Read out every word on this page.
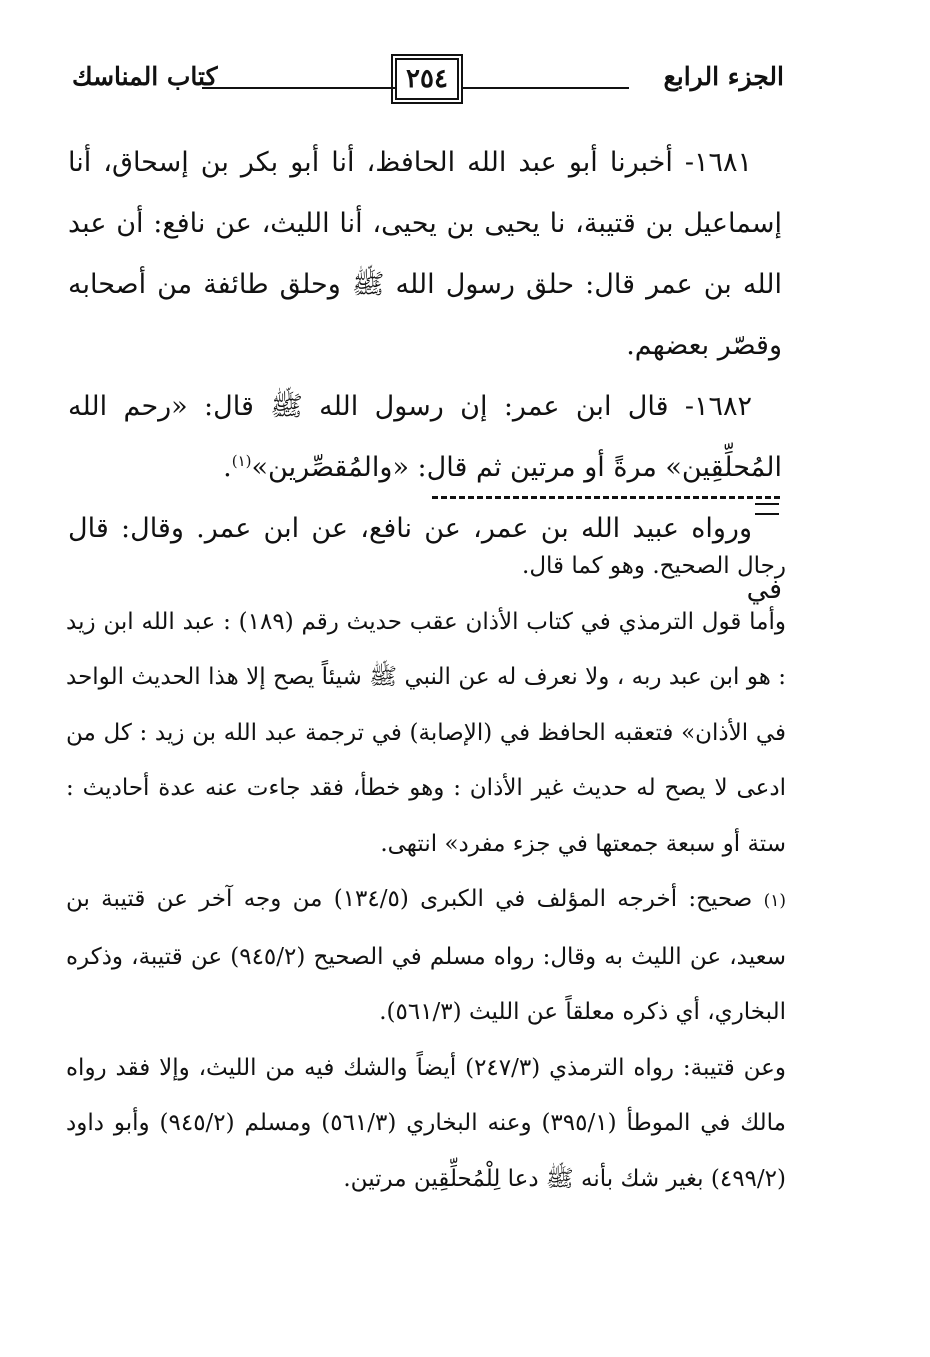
الجزء الرابع
٢٥٤
كتاب المناسك

١٦٨١- أخبرنا أبو عبد الله الحافظ، أنا أبو بكر بن إسحاق، أنا إسماعيل بن قتيبة، نا يحيى بن يحيى، أنا الليث، عن نافع: أن عبد الله بن عمر قال: حلق رسول الله ﷺ وحلق طائفة من أصحابه وقصّر بعضهم.

١٦٨٢- قال ابن عمر: إن رسول الله ﷺ قال: «رحم الله المُحلِّقِين» مرةً أو مرتين ثم قال: «والمُقصِّرين»$^{(١)}$.

ورواه عبيد الله بن عمر، عن نافع، عن ابن عمر. وقال: قال في

رجال الصحيح. وهو كما قال.

وأما قول الترمذي في كتاب الأذان عقب حديث رقم (١٨٩) : عبد الله ابن زيد : هو ابن عبد ربه ، ولا نعرف له عن النبي ﷺ شيئاً يصح إلا هذا الحديث الواحد في الأذان» فتعقبه الحافظ في (الإصابة) في ترجمة عبد الله بن زيد : كل من ادعى لا يصح له حديث غير الأذان : وهو خطأ، فقد جاءت عنه عدة أحاديث : ستة أو سبعة جمعتها في جزء مفرد» انتهى.

(١) صحيح: أخرجه المؤلف في الكبرى (١٣٤/٥) من وجه آخر عن قتيبة بن سعيد، عن الليث به وقال: رواه مسلم في الصحيح (٩٤٥/٢) عن قتيبة، وذكره البخاري، أي ذكره معلقاً عن الليث (٥٦١/٣).

وعن قتيبة: رواه الترمذي (٢٤٧/٣) أيضاً والشك فيه من الليث، وإلا فقد رواه مالك في الموطأ (٣٩٥/١) وعنه البخاري (٥٦١/٣) ومسلم (٩٤٥/٢) وأبو داود (٤٩٩/٢) بغير شك بأنه ﷺ دعا لِلْمُحلِّقِين مرتين.
